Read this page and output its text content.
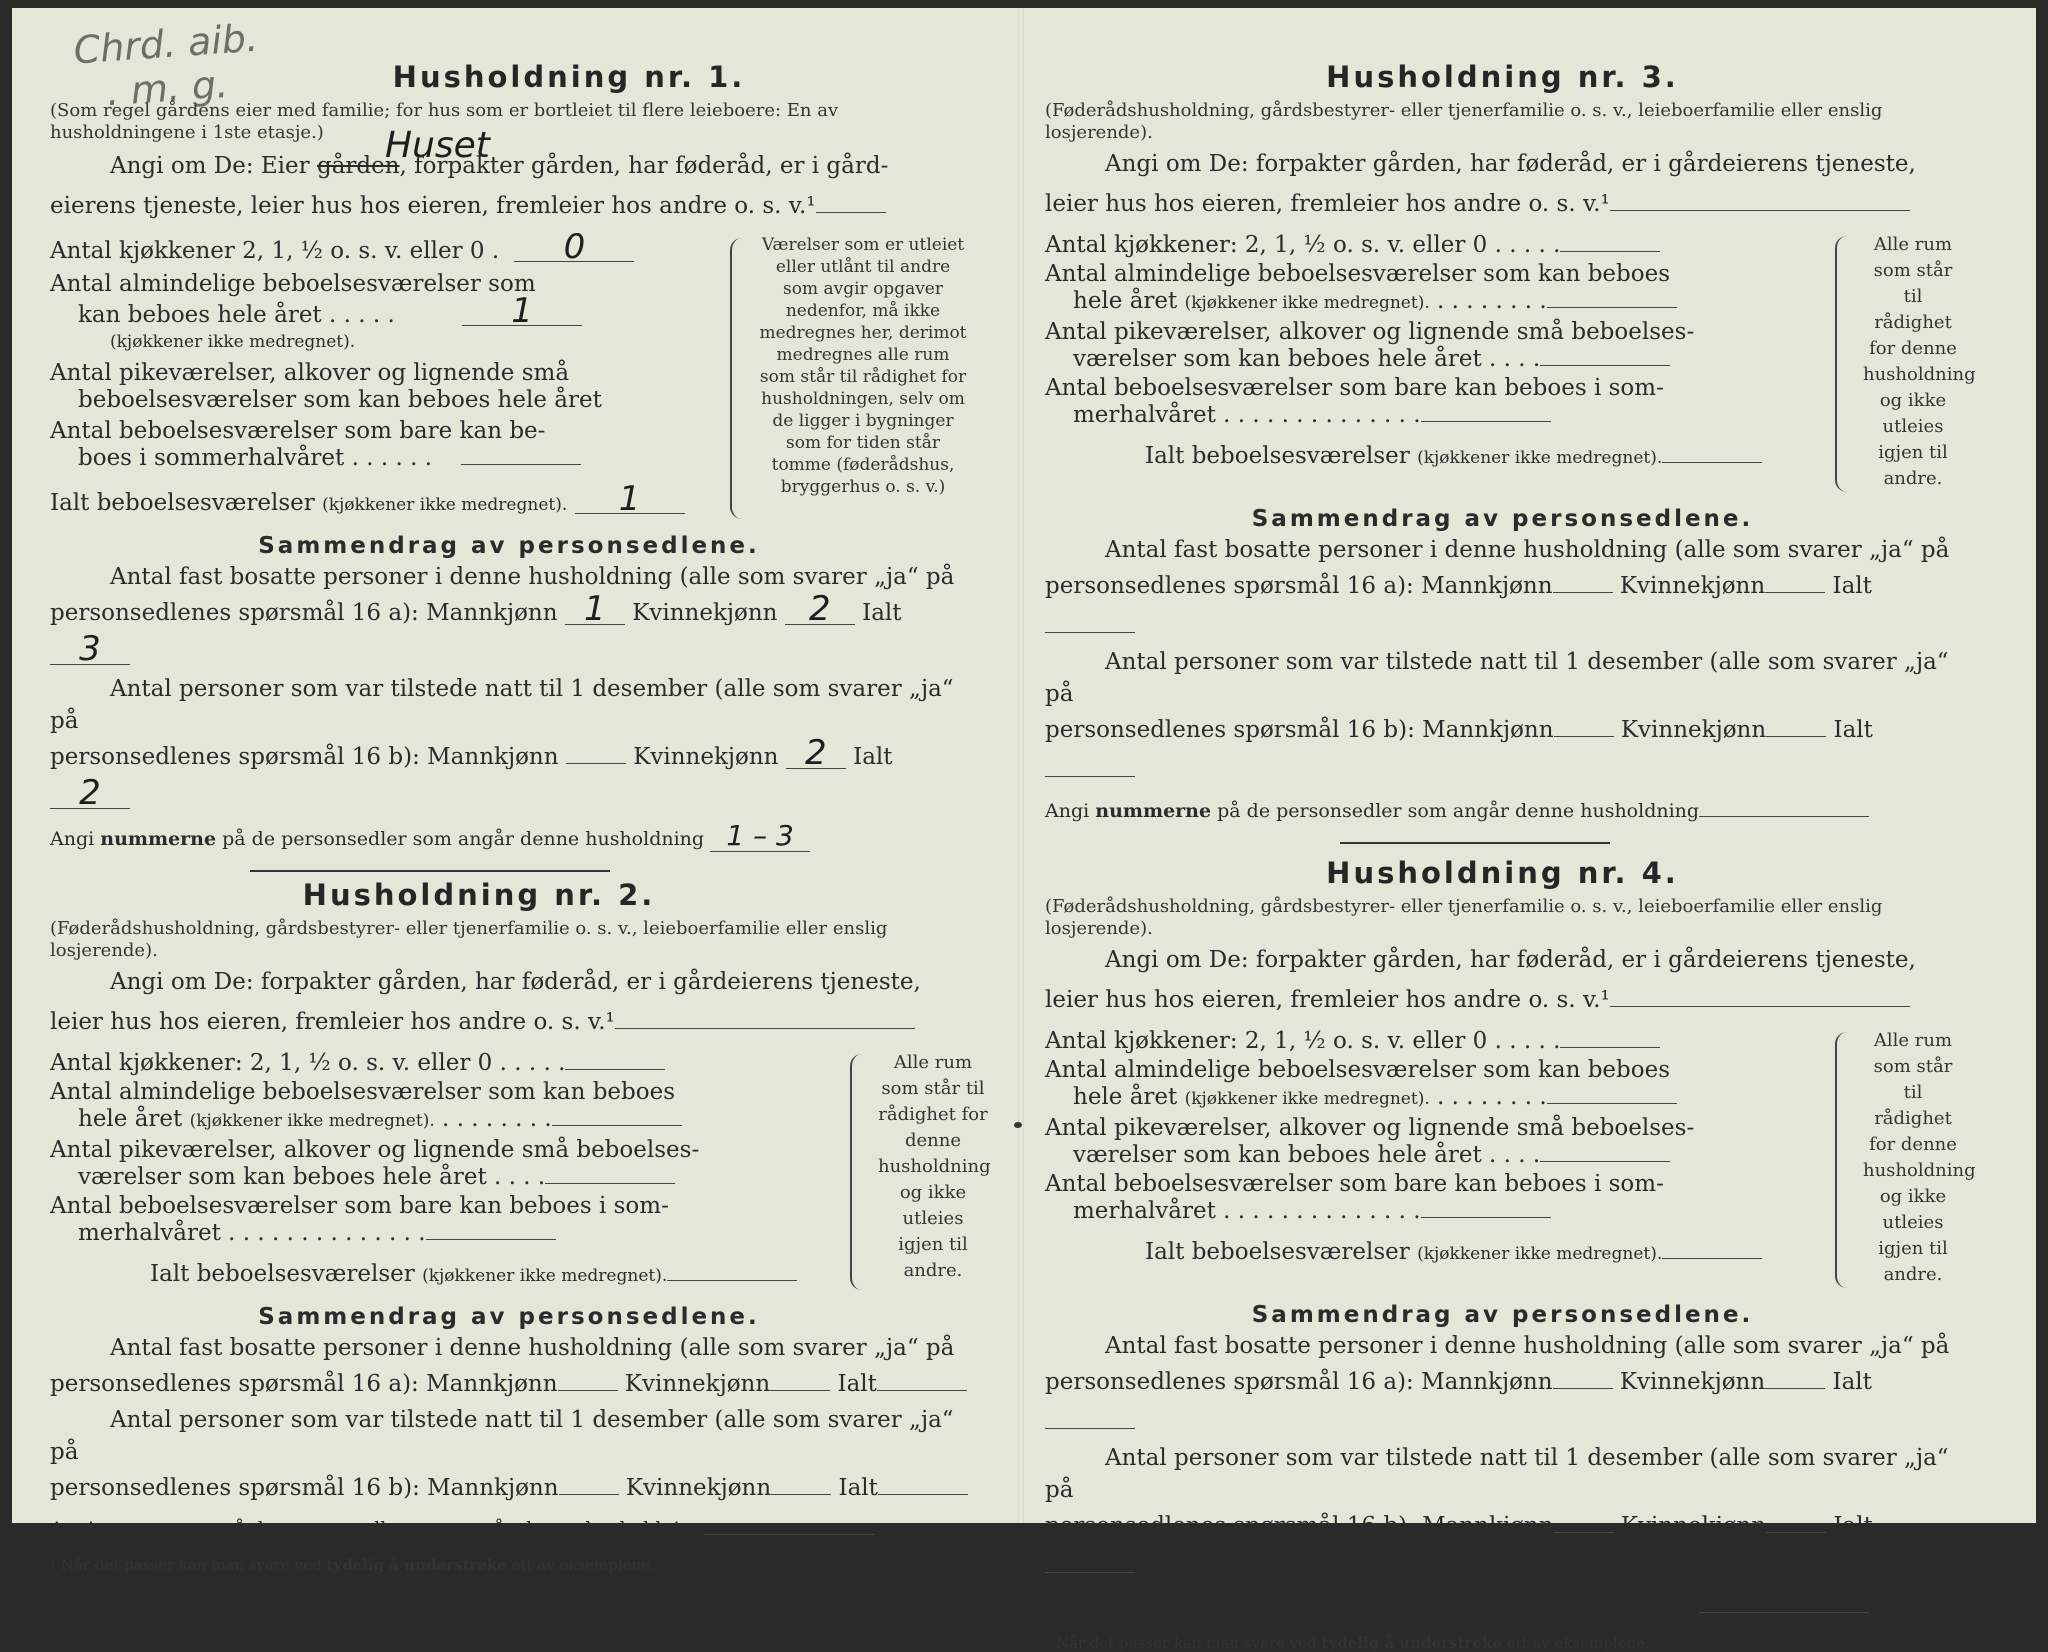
Chrd. aib.
. m. g.
Huset
Husholdning nr. 1.

(Som regel gårdens eier med familie; for hus som er bortleiet til flere leieboere: En av husholdningene i 1ste etasje.)

Angi om De: Eier gården, forpakter gården, har føderåd, er i gård-

eierens tjeneste, leier hus hos eieren, fremleier hos andre o. s. v.¹

Antal kjøkkener 2, 1, ½ o. s. v. eller 0 . 0
Antal almindelige beboelsesværelser som
kan beboes hele året . . . . .	1
(kjøkkener ikke medregnet).
Antal pikeværelser, alkover og lignende små
beboelsesværelser som kan beboes hele året
Antal beboelsesværelser som bare kan be-
boes i sommerhalvåret . . . . . .
Ialt beboelsesværelser (kjøkkener ikke medregnet). 1
Værelser som er utleiet eller utlånt til andre som avgir opgaver nedenfor, må ikke medregnes her, derimot medregnes alle rum som står til rådighet for husholdningen, selv om de ligger i bygninger som for tiden står tomme (føderådshus, bryggerhus o. s. v.)
Sammendrag av personsedlene.

Antal fast bosatte personer i denne husholdning (alle som svarer „ja“ på

personsedlenes spørsmål 16 a): Mannkjønn 1 Kvinnekjønn 2 Ialt 3

Antal personer som var tilstede natt til 1 desember (alle som svarer „ja“ på

personsedlenes spørsmål 16 b): Mannkjønn	Kvinnekjønn 2 Ialt 2

Angi nummerne på de personsedler som angår denne husholdning 1 – 3
Husholdning nr. 2.

(Føderådshusholdning, gårdsbestyrer- eller tjenerfamilie o. s. v., leieboerfamilie eller enslig losjerende).

Angi om De: forpakter gården, har føderåd, er i gårdeierens tjeneste,

leier hus hos eieren, fremleier hos andre o. s. v.¹

Antal kjøkkener: 2, 1, ½ o. s. v. eller 0 . . . . .
Antal almindelige beboelsesværelser som kan beboes
hele året (kjøkkener ikke medregnet). . . . . . . . .
Antal pikeværelser, alkover og lignende små beboelses-
værelser som kan beboes hele året . . . .
Antal beboelsesværelser som bare kan beboes i som-
merhalvåret . . . . . . . . . . . . . .
Ialt beboelsesværelser (kjøkkener ikke medregnet).
Alle rum som står til rådighet for denne husholdning og ikke utleies igjen til andre.
Sammendrag av personsedlene.

Antal fast bosatte personer i denne husholdning (alle som svarer „ja“ på

personsedlenes spørsmål 16 a): Mannkjønn	Kvinnekjønn	Ialt

Antal personer som var tilstede natt til 1 desember (alle som svarer „ja“ på

personsedlenes spørsmål 16 b): Mannkjønn	Kvinnekjønn	Ialt

Angi nummerne på de personsedler som angår denne husholdning
¹ Når det passer kan man svare ved tydelig å understreke ett av eksemplene.
Husholdning nr. 3.

(Føderådshusholdning, gårdsbestyrer- eller tjenerfamilie o. s. v., leieboerfamilie eller enslig losjerende).

Angi om De: forpakter gården, har føderåd, er i gårdeierens tjeneste,

leier hus hos eieren, fremleier hos andre o. s. v.¹

Antal kjøkkener: 2, 1, ½ o. s. v. eller 0 . . . . .
Antal almindelige beboelsesværelser som kan beboes
hele året (kjøkkener ikke medregnet). . . . . . . . .
Antal pikeværelser, alkover og lignende små beboelses-
værelser som kan beboes hele året . . . .
Antal beboelsesværelser som bare kan beboes i som-
merhalvåret . . . . . . . . . . . . . .
Ialt beboelsesværelser (kjøkkener ikke medregnet).
Alle rum som står til rådighet for denne husholdning og ikke utleies igjen til andre.
Sammendrag av personsedlene.

Antal fast bosatte personer i denne husholdning (alle som svarer „ja“ på

personsedlenes spørsmål 16 a): Mannkjønn	Kvinnekjønn	Ialt

Antal personer som var tilstede natt til 1 desember (alle som svarer „ja“ på

personsedlenes spørsmål 16 b): Mannkjønn	Kvinnekjønn	Ialt

Angi nummerne på de personsedler som angår denne husholdning
Husholdning nr. 4.

(Føderådshusholdning, gårdsbestyrer- eller tjenerfamilie o. s. v., leieboerfamilie eller enslig losjerende).

Angi om De: forpakter gården, har føderåd, er i gårdeierens tjeneste,

leier hus hos eieren, fremleier hos andre o. s. v.¹

Antal kjøkkener: 2, 1, ½ o. s. v. eller 0 . . . . .
Antal almindelige beboelsesværelser som kan beboes
hele året (kjøkkener ikke medregnet). . . . . . . . .
Antal pikeværelser, alkover og lignende små beboelses-
værelser som kan beboes hele året . . . .
Antal beboelsesværelser som bare kan beboes i som-
merhalvåret . . . . . . . . . . . . . .
Ialt beboelsesværelser (kjøkkener ikke medregnet).
Alle rum som står til rådighet for denne husholdning og ikke utleies igjen til andre.
Sammendrag av personsedlene.

Antal fast bosatte personer i denne husholdning (alle som svarer „ja“ på

personsedlenes spørsmål 16 a): Mannkjønn	Kvinnekjønn	Ialt

Antal personer som var tilstede natt til 1 desember (alle som svarer „ja“ på

personsedlenes spørsmål 16 b): Mannkjønn	Kvinnekjønn	Ialt

Angi nummerne på de personsedler som angår denne husholdning
¹ Når det passer kan man svare ved tydelig å understreke ett av eksemplene.
